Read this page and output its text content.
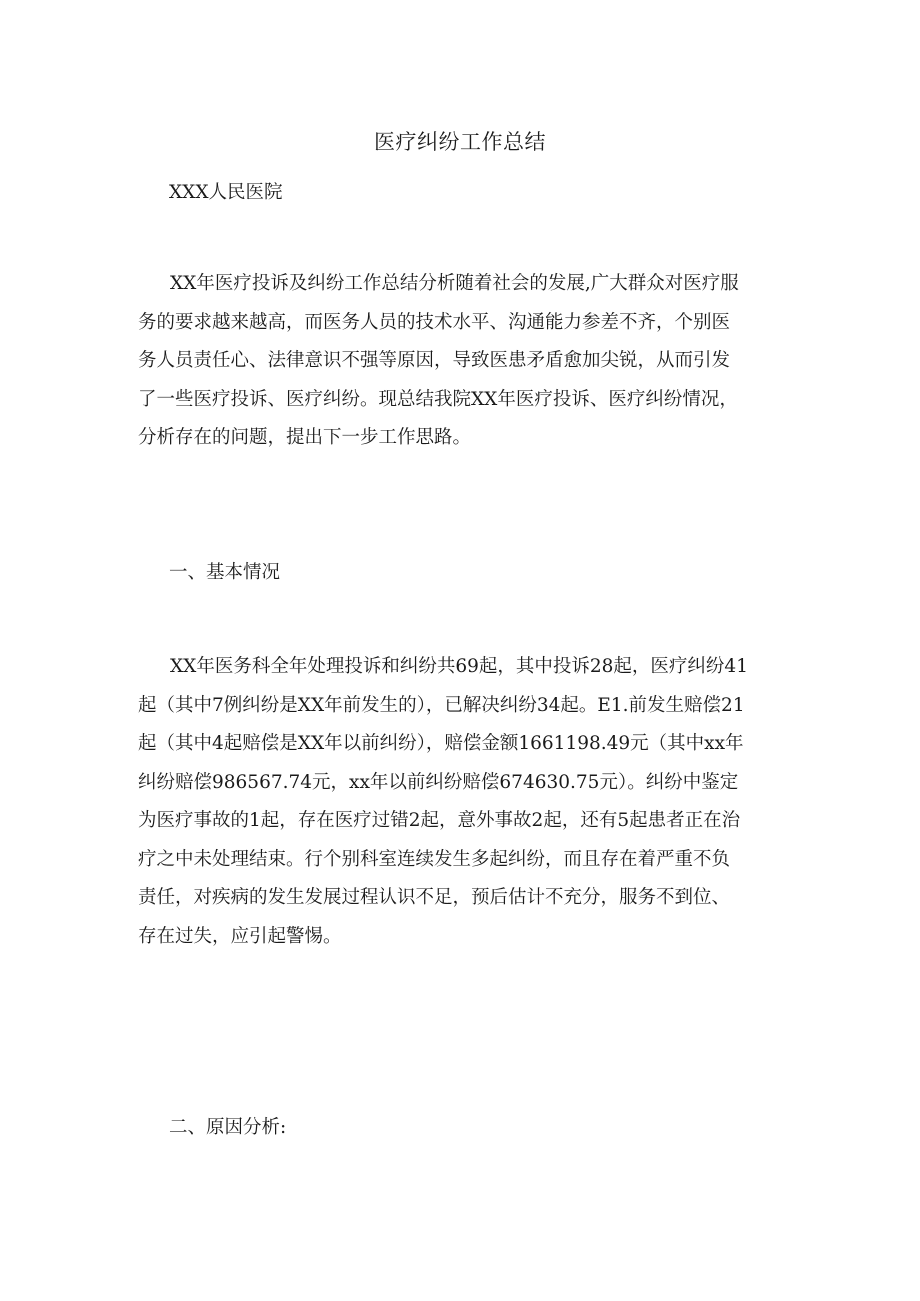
医疗纠纷工作总结
XXX人民医院
XX年医疗投诉及纠纷工作总结分析随着社会的发展,广大群众对医疗服
务的要求越来越高，而医务人员的技术水平、沟通能力参差不齐，个别医
务人员责任心、法律意识不强等原因，导致医患矛盾愈加尖锐，从而引发
了一些医疗投诉、医疗纠纷。现总结我院XX年医疗投诉、医疗纠纷情况，
分析存在的问题，提出下一步工作思路。
一、基本情况
XX年医务科全年处理投诉和纠纷共69起，其中投诉28起，医疗纠纷41
起（其中7例纠纷是XX年前发生的），已解决纠纷34起。E1.前发生赔偿21
起（其中4起赔偿是XX年以前纠纷），赔偿金额1661198.49元（其中xx年
纠纷赔偿986567.74元，xx年以前纠纷赔偿674630.75元）。纠纷中鉴定
为医疗事故的1起，存在医疗过错2起，意外事故2起，还有5起患者正在治
疗之中未处理结束。行个别科室连续发生多起纠纷，而且存在着严重不负
责任，对疾病的发生发展过程认识不足，预后估计不充分，服务不到位、
存在过失，应引起警惕。
二、原因分析:
